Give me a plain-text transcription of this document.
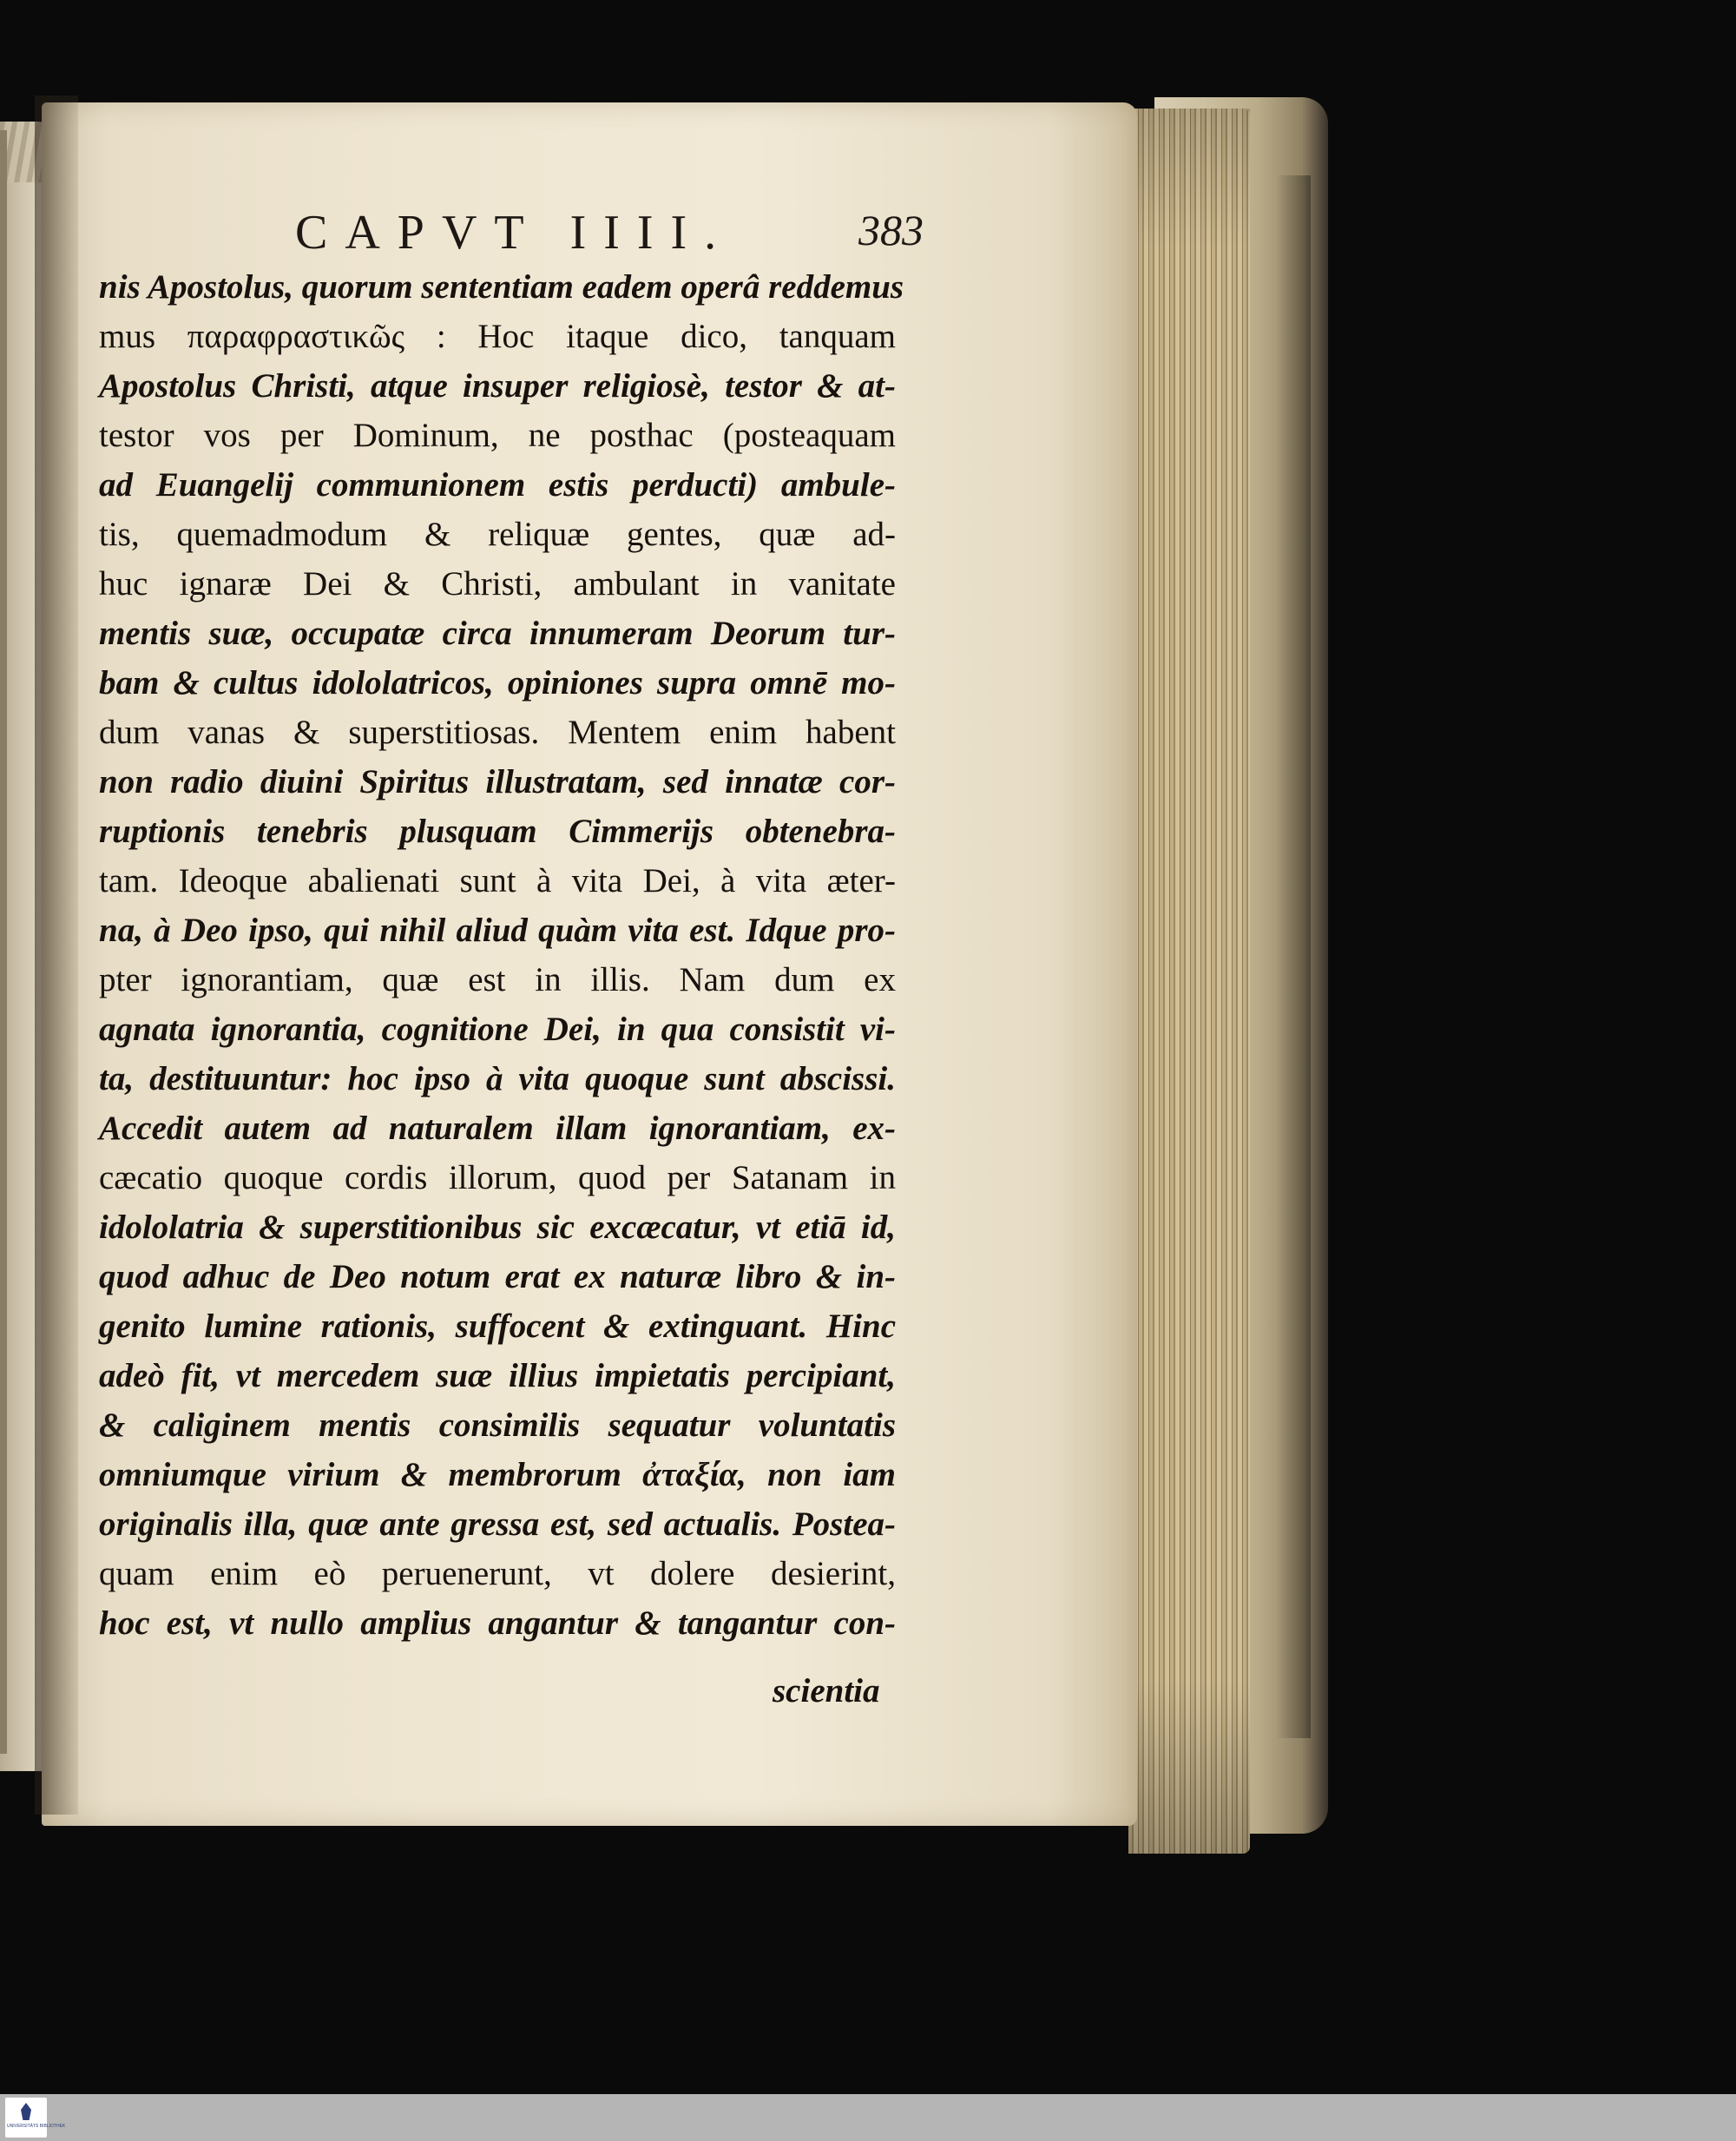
CAPVT IIII.	383
nis Apostolus, quorum sententiam eadem operâ reddemus
mus παραφραστικῶς : Hoc itaque dico, tanquam
Apostolus Christi, atque insuper religiosè, testor & at-
testor vos per Dominum, ne posthac (posteaquam
ad Euangelij communionem estis perducti) ambule-
tis, quemadmodum & reliquæ gentes, quæ ad-
huc ignaræ Dei & Christi, ambulant in vanitate
mentis suæ, occupatæ circa innumeram Deorum tur-
bam & cultus idololatricos, opiniones supra omnē mo-
dum vanas & superstitiosas. Mentem enim habent
non radio diuini Spiritus illustratam, sed innatæ cor-
ruptionis tenebris plusquam Cimmerijs obtenebra-
tam. Ideoque abalienati sunt à vita Dei, à vita æter-
na, à Deo ipso, qui nihil aliud quàm vita est. Idque pro-
pter ignorantiam, quæ est in illis. Nam dum ex
agnata ignorantia, cognitione Dei, in qua consistit vi-
ta, destituuntur: hoc ipso à vita quoque sunt abscissi.
Accedit autem ad naturalem illam ignorantiam, ex-
cæcatio quoque cordis illorum, quod per Satanam in
idololatria & superstitionibus sic excæcatur, vt etiā id,
quod adhuc de Deo notum erat ex naturæ libro & in-
genito lumine rationis, suffocent & extinguant. Hinc
adeò fit, vt mercedem suæ illius impietatis percipiant,
& caliginem mentis consimilis sequatur voluntatis
omniumque virium & membrorum ἀταξία, non iam
originalis illa, quæ ante gressa est, sed actualis. Postea-
quam enim eò peruenerunt, vt dolere desierint,
hoc est, vt nullo amplius angantur & tangantur con-
scientia
UNIVERSITÄTS BIBLIOTHEK
